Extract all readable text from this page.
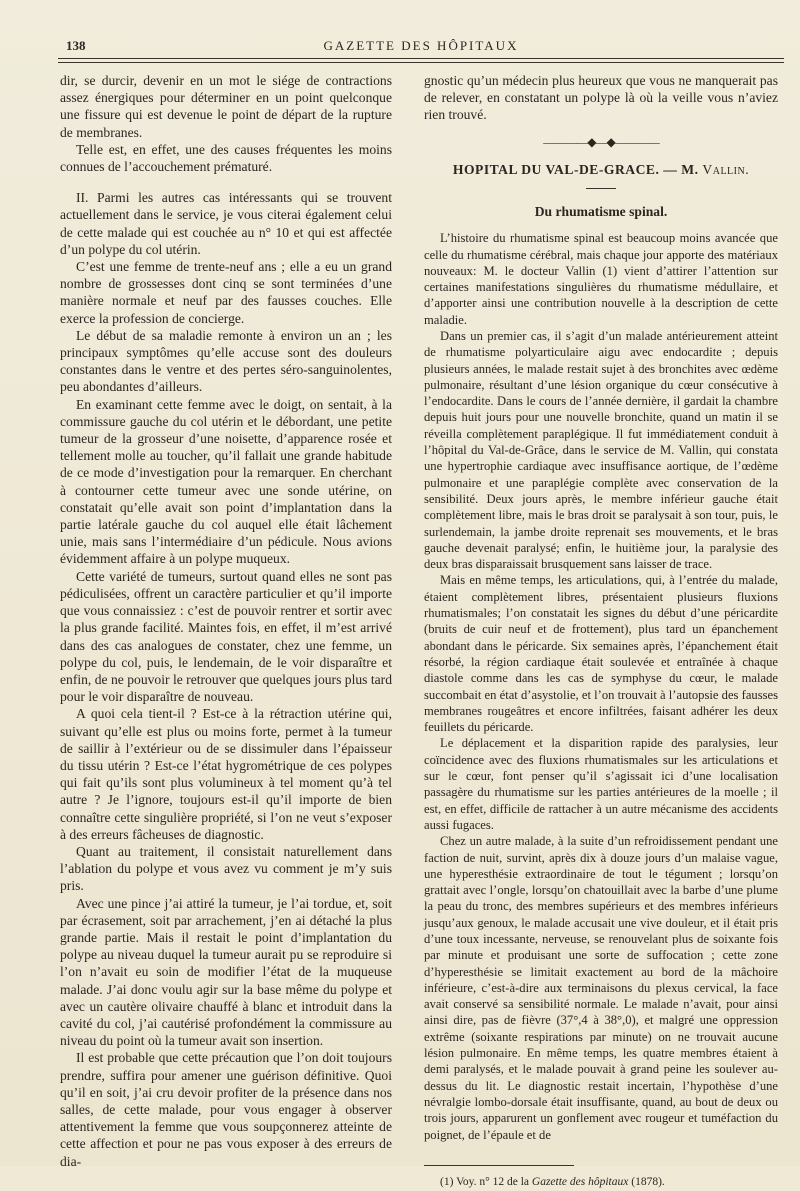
138	GAZETTE DES HÔPITAUX

dir, se durcir, devenir en un mot le siége de contractions assez énergiques pour déterminer en un point quelconque une fissure qui est devenue le point de départ de la rupture de membranes.

Telle est, en effet, une des causes fréquentes les moins connues de l’accouchement prématuré.

II. Parmi les autres cas intéressants qui se trouvent actuellement dans le service, je vous citerai également celui de cette malade qui est couchée au n° 10 et qui est affectée d’un polype du col utérin.

C’est une femme de trente-neuf ans ; elle a eu un grand nombre de grossesses dont cinq se sont terminées d’une manière normale et neuf par des fausses couches. Elle exerce la profession de concierge.

Le début de sa maladie remonte à environ un an ; les principaux symptômes qu’elle accuse sont des douleurs constantes dans le ventre et des pertes séro-sanguinolentes, peu abondantes d’ailleurs.

En examinant cette femme avec le doigt, on sentait, à la commissure gauche du col utérin et le débordant, une petite tumeur de la grosseur d’une noisette, d’apparence rosée et tellement molle au toucher, qu’il fallait une grande habitude de ce mode d’investigation pour la remarquer. En cherchant à contourner cette tumeur avec une sonde utérine, on constatait qu’elle avait son point d’implantation dans la partie latérale gauche du col auquel elle était lâchement unie, mais sans l’intermédiaire d’un pédicule. Nous avions évidemment affaire à un polype muqueux.

Cette variété de tumeurs, surtout quand elles ne sont pas pédiculisées, offrent un caractère particulier et qu’il importe que vous connaissiez : c’est de pouvoir rentrer et sortir avec la plus grande facilité. Maintes fois, en effet, il m’est arrivé dans des cas analogues de constater, chez une femme, un polype du col, puis, le lendemain, de le voir disparaître et enfin, de ne pouvoir le retrouver que quelques jours plus tard pour le voir disparaître de nouveau.

A quoi cela tient-il ? Est-ce à la rétraction utérine qui, suivant qu’elle est plus ou moins forte, permet à la tumeur de saillir à l’extérieur ou de se dissimuler dans l’épaisseur du tissu utérin ? Est-ce l’état hygrométrique de ces polypes qui fait qu’ils sont plus volumineux à tel moment qu’à tel autre ? Je l’ignore, toujours est-il qu’il importe de bien connaître cette singulière propriété, si l’on ne veut s’exposer à des erreurs fâcheuses de diagnostic.

Quant au traitement, il consistait naturellement dans l’ablation du polype et vous avez vu comment je m’y suis pris.

Avec une pince j’ai attiré la tumeur, je l’ai tordue, et, soit par écrasement, soit par arrachement, j’en ai détaché la plus grande partie. Mais il restait le point d’implantation du polype au niveau duquel la tumeur aurait pu se reproduire si l’on n’avait eu soin de modifier l’état de la muqueuse malade. J’ai donc voulu agir sur la base même du polype et avec un cautère olivaire chauffé à blanc et introduit dans la cavité du col, j’ai cautérisé profondément la commissure au niveau du point où la tumeur avait son insertion.

Il est probable que cette précaution que l’on doit toujours prendre, suffira pour amener une guérison définitive. Quoi qu’il en soit, j’ai cru devoir profiter de la présence dans nos salles, de cette malade, pour vous engager à observer attentivement la femme que vous soupçonnerez atteinte de cette affection et pour ne pas vous exposer à des erreurs de dia-

gnostic qu’un médecin plus heureux que vous ne manquerait pas de relever, en constatant un polype là où la veille vous n’aviez rien trouvé.

————◆—◆————
HOPITAL DU VAL-DE-GRACE. — M. Vallin.
Du rhumatisme spinal.

L’histoire du rhumatisme spinal est beaucoup moins avancée que celle du rhumatisme cérébral, mais chaque jour apporte des matériaux nouveaux: M. le docteur Vallin (1) vient d’attirer l’attention sur certaines manifestations singulières du rhumatisme médullaire, et d’apporter ainsi une contribution nouvelle à la description de cette maladie.

Dans un premier cas, il s’agit d’un malade antérieurement atteint de rhumatisme polyarticulaire aigu avec endocardite ; depuis plusieurs années, le malade restait sujet à des bronchites avec œdème pulmonaire, résultant d’une lésion organique du cœur consécutive à l’endocardite. Dans le cours de l’année dernière, il gardait la chambre depuis huit jours pour une nouvelle bronchite, quand un matin il se réveilla complètement paraplégique. Il fut immédiatement conduit à l’hôpital du Val-de-Grâce, dans le service de M. Vallin, qui constata une hypertrophie cardiaque avec insuffisance aortique, de l’œdème pulmonaire et une paraplégie complète avec conservation de la sensibilité. Deux jours après, le membre inférieur gauche était complètement libre, mais le bras droit se paralysait à son tour, puis, le surlendemain, la jambe droite reprenait ses mouvements, et le bras gauche devenait paralysé; enfin, le huitième jour, la paralysie des deux bras disparaissait brusquement sans laisser de trace.

Mais en même temps, les articulations, qui, à l’entrée du malade, étaient complètement libres, présentaient plusieurs fluxions rhumatismales; l’on constatait les signes du début d’une péricardite (bruits de cuir neuf et de frottement), plus tard un épanchement abondant dans le péricarde. Six semaines après, l’épanchement était résorbé, la région cardiaque était soulevée et entraînée à chaque diastole comme dans les cas de symphyse du cœur, le malade succombait en état d’asystolie, et l’on trouvait à l’autopsie des fausses membranes rougeâtres et encore infiltrées, faisant adhérer les deux feuillets du péricarde.

Le déplacement et la disparition rapide des paralysies, leur coïncidence avec des fluxions rhumatismales sur les articulations et sur le cœur, font penser qu’il s’agissait ici d’une localisation passagère du rhumatisme sur les parties antérieures de la moelle ; il est, en effet, difficile de rattacher à un autre mécanisme des accidents aussi fugaces.

Chez un autre malade, à la suite d’un refroidissement pendant une faction de nuit, survint, après dix à douze jours d’un malaise vague, une hyperesthésie extraordinaire de tout le tégument ; lorsqu’on grattait avec l’ongle, lorsqu’on chatouillait avec la barbe d’une plume la peau du tronc, des membres supérieurs et des membres inférieurs jusqu’aux genoux, le malade accusait une vive douleur, et il était pris d’une toux incessante, nerveuse, se renouvelant plus de soixante fois par minute et produisant une sorte de suffocation ; cette zone d’hyperesthésie se limitait exactement au bord de la mâchoire inférieure, c’est-à-dire aux terminaisons du plexus cervical, la face avait conservé sa sensibilité normale. Le malade n’avait, pour ainsi ainsi dire, pas de fièvre (37°,4 à 38°,0), et malgré une oppression extrême (soixante respirations par minute) on ne trouvait aucune lésion pulmonaire. En même temps, les quatre membres étaient à demi paralysés, et le malade pouvait à grand peine les soulever au-dessus du lit. Le diagnostic restait incertain, l’hypothèse d’une névralgie lombo-dorsale était insuffisante, quand, au bout de deux ou trois jours, apparurent un gonflement avec rougeur et tuméfaction du poignet, de l’épaule et de

(1) Voy. n° 12 de la Gazette des hôpitaux (1878).
